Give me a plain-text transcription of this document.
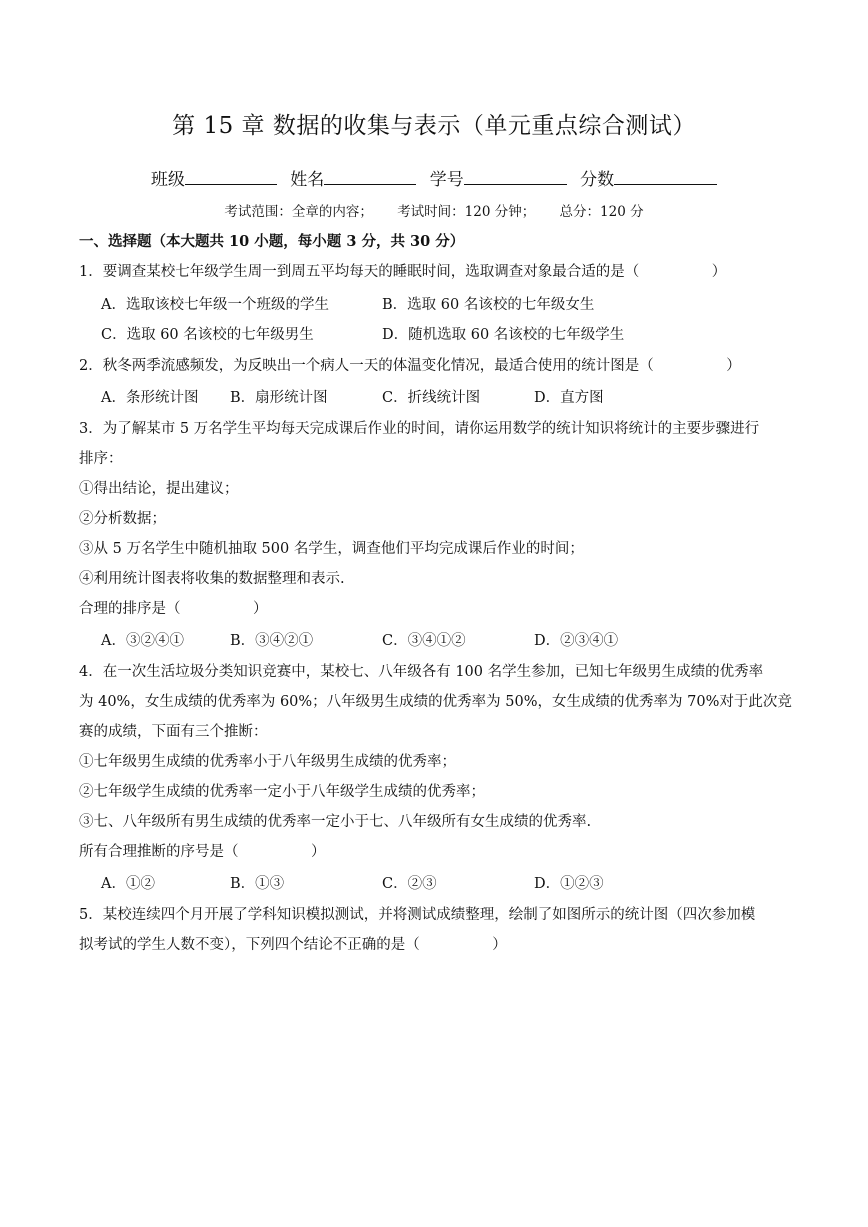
第 15 章 数据的收集与表示（单元重点综合测试）
班级	姓名	学号	分数
考试范围：全章的内容； 考试时间：120 分钟； 总分：120 分
一、选择题（本大题共 10 小题，每小题 3 分，共 30 分）
1．要调查某校七年级学生周一到周五平均每天的睡眠时间，选取调查对象最合适的是（　　　　　）
A．选取该校七年级一个班级的学生	B．选取 60 名该校的七年级女生
C．选取 60 名该校的七年级男生	D．随机选取 60 名该校的七年级学生
2．秋冬两季流感频发，为反映出一个病人一天的体温变化情况，最适合使用的统计图是（　　　　　）
A．条形统计图 B．扇形统计图	C．折线统计图	D．直方图
3．为了解某市 5 万名学生平均每天完成课后作业的时间，请你运用数学的统计知识将统计的主要步骤进行
排序：
①得出结论，提出建议；
②分析数据；
③从 5 万名学生中随机抽取 500 名学生，调查他们平均完成课后作业的时间；
④利用统计图表将收集的数据整理和表示.
合理的排序是（　　　　　）
A．③②④①	B．③④②①	C．③④①②	D．②③④①
4．在一次生活垃圾分类知识竞赛中，某校七、八年级各有 100 名学生参加，已知七年级男生成绩的优秀率
为 40%，女生成绩的优秀率为 60%；八年级男生成绩的优秀率为 50%，女生成绩的优秀率为 70%对于此次竞
赛的成绩，下面有三个推断：
①七年级男生成绩的优秀率小于八年级男生成绩的优秀率；
②七年级学生成绩的优秀率一定小于八年级学生成绩的优秀率；
③七、八年级所有男生成绩的优秀率一定小于七、八年级所有女生成绩的优秀率.
所有合理推断的序号是（　　　　　）
A．①②	B．①③	C．②③	D．①②③
5．某校连续四个月开展了学科知识模拟测试，并将测试成绩整理，绘制了如图所示的统计图（四次参加模
拟考试的学生人数不变），下列四个结论不正确的是（　　　　　）
